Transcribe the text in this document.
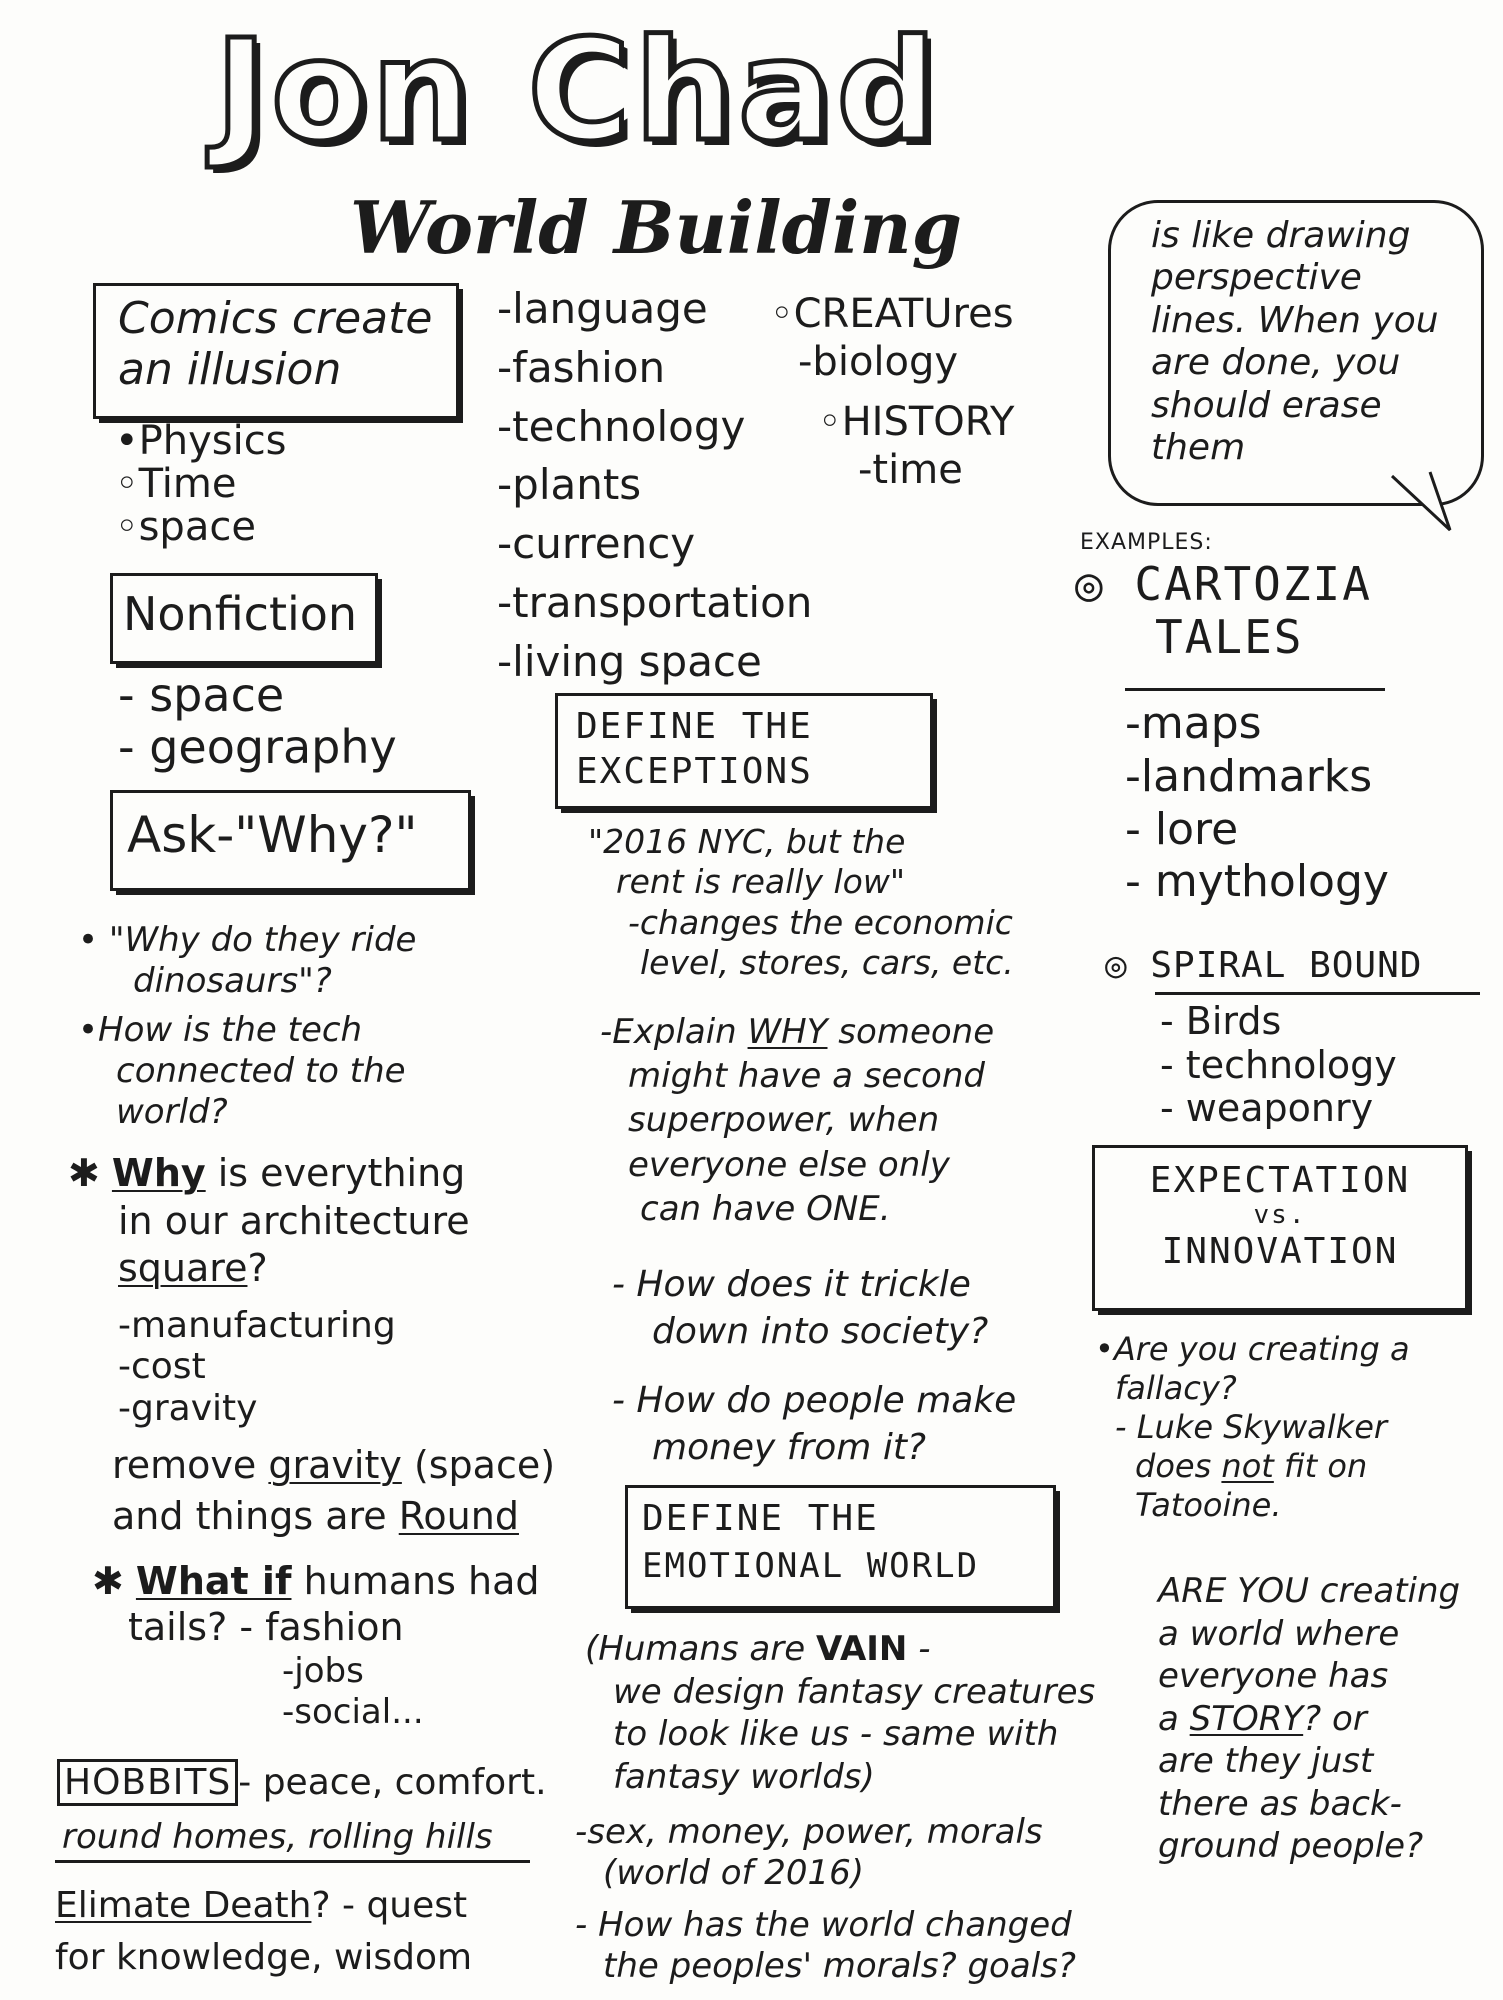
Jon Chad
World Building	is like drawing perspective lines. When you are done, you should erase them
Comics create
an illusion
•Physics
◦Time
◦space
Nonfiction
- space
- geography
Ask-"Why?"
• "Why do they ride
dinosaurs"?
•How is the tech
connected to the
world?
✱ Why is everything
in our architecture
square?
-manufacturing
-cost
-gravity
remove gravity (space)
and things are Round
✱ What if humans had
tails? - fashion
-jobs
-social...
HOBBITS - peace, comfort.
round homes, rolling hills
Elimate Death? - quest
for knowledge, wisdom
-language
-fashion
-technology
-plants
-currency
-transportation
-living space
DEFINE THE
EXCEPTIONS
"2016 NYC, but the
rent is really low"
-changes the economic
level, stores, cars, etc.
-Explain WHY someone
might have a second
superpower, when
everyone else only
can have ONE.
- How does it trickle
down into society?
- How do people make
money from it?
DEFINE THE
EMOTIONAL WORLD
(Humans are VAIN -
we design fantasy creatures
to look like us - same with
fantasy worlds)
-sex, money, power, morals
(world of 2016)
- How has the world changed
the peoples' morals? goals?
◦CREATUres
-biology
◦HISTORY
-time
EXAMPLES:
◎ CARTOZIA
TALES
-maps
-landmarks
- lore
- mythology
◎ SPIRAL BOUND
- Birds
- technology
- weaponry
EXPECTATION
vs.
INNOVATION
•Are you creating a
fallacy?
- Luke Skywalker
does not fit on
Tatooine.
ARE YOU creating
a world where
everyone has
a STORY? or
are they just
there as back-
ground people?
